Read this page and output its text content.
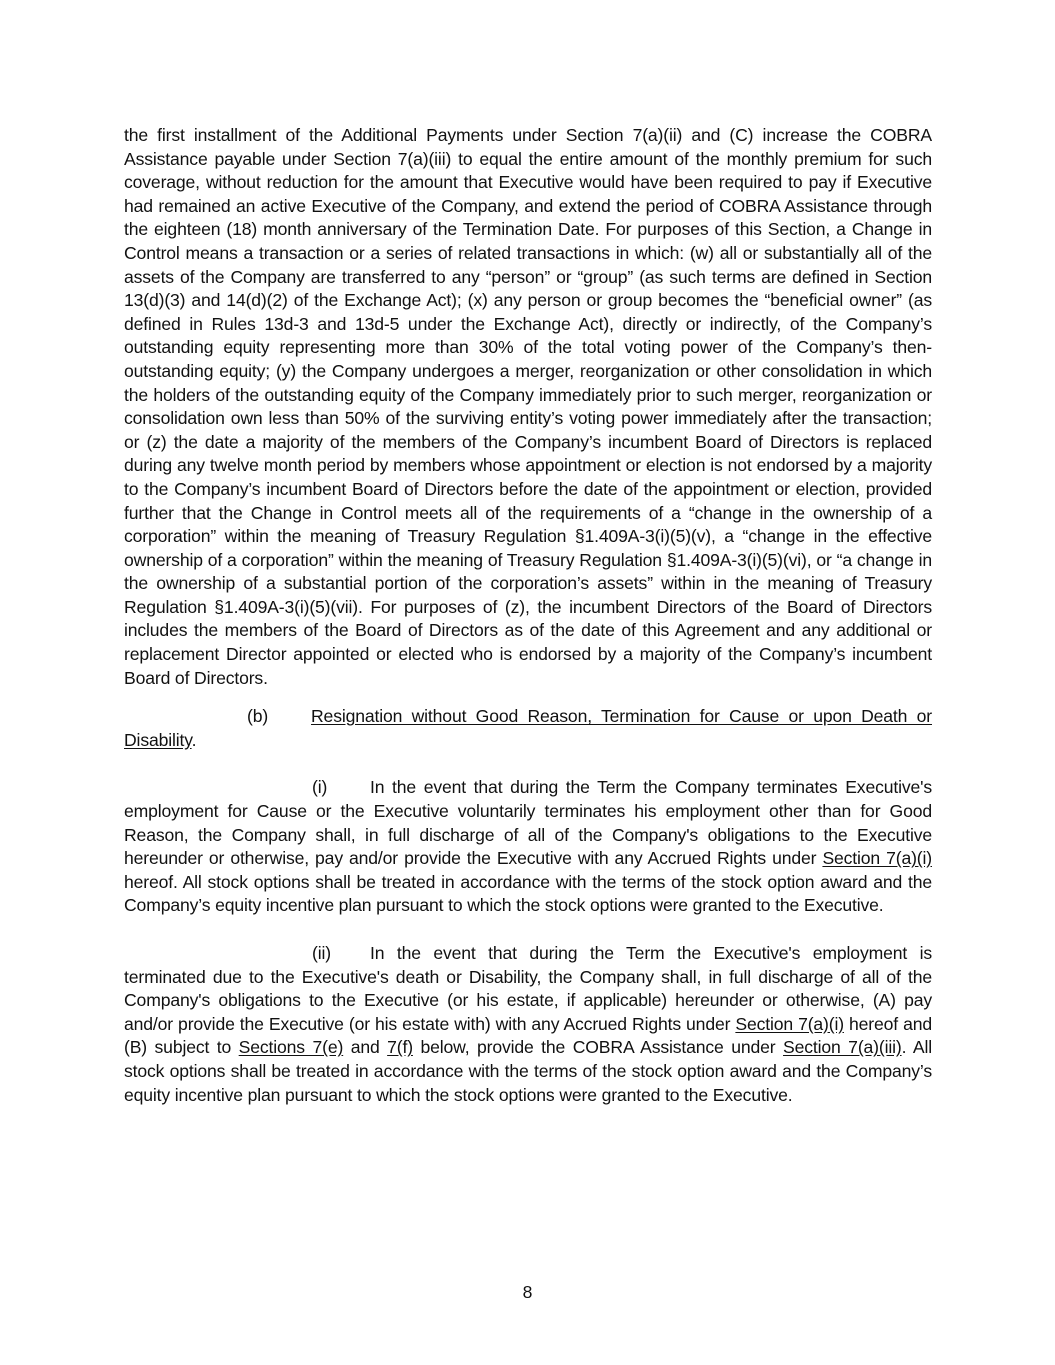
the first installment of the Additional Payments under Section 7(a)(ii) and (C) increase the COBRA Assistance payable under Section 7(a)(iii) to equal the entire amount of the monthly premium for such coverage, without reduction for the amount that Executive would have been required to pay if Executive had remained an active Executive of the Company, and extend the period of COBRA Assistance through the eighteen (18) month anniversary of the Termination Date. For purposes of this Section, a Change in Control means a transaction or a series of related transactions in which: (w) all or substantially all of the assets of the Company are transferred to any “person” or “group” (as such terms are defined in Section 13(d)(3) and 14(d)(2) of the Exchange Act); (x) any person or group becomes the “beneficial owner” (as defined in Rules 13d-3 and 13d-5 under the Exchange Act), directly or indirectly, of the Company’s outstanding equity representing more than 30% of the total voting power of the Company’s then-outstanding equity; (y) the Company undergoes a merger, reorganization or other consolidation in which the holders of the outstanding equity of the Company immediately prior to such merger, reorganization or consolidation own less than 50% of the surviving entity’s voting power immediately after the transaction; or (z) the date a majority of the members of the Company’s incumbent Board of Directors is replaced during any twelve month period by members whose appointment or election is not endorsed by a majority to the Company’s incumbent Board of Directors before the date of the appointment or election, provided further that the Change in Control meets all of the requirements of a “change in the ownership of a corporation” within the meaning of Treasury Regulation §1.409A-3(i)(5)(v), a “change in the effective ownership of a corporation” within the meaning of Treasury Regulation §1.409A-3(i)(5)(vi), or “a change in the ownership of a substantial portion of the corporation’s assets” within in the meaning of Treasury Regulation §1.409A-3(i)(5)(vii). For purposes of (z), the incumbent Directors of the Board of Directors includes the members of the Board of Directors as of the date of this Agreement and any additional or replacement Director appointed or elected who is endorsed by a majority of the Company’s incumbent Board of Directors.

(b)	Resignation without Good Reason, Termination for Cause or upon Death or

Disability.

(i) In the event that during the Term the Company terminates Executive's employment for Cause or the Executive voluntarily terminates his employment other than for Good Reason, the Company shall, in full discharge of all of the Company's obligations to the Executive hereunder or otherwise, pay and/or provide the Executive with any Accrued Rights under Section 7(a)(i) hereof. All stock options shall be treated in accordance with the terms of the stock option award and the Company’s equity incentive plan pursuant to which the stock options were granted to the Executive.

(ii) In the event that during the Term the Executive's employment is terminated due to the Executive's death or Disability, the Company shall, in full discharge of all of the Company's obligations to the Executive (or his estate, if applicable) hereunder or otherwise, (A) pay and/or provide the Executive (or his estate with) with any Accrued Rights under Section 7(a)(i) hereof and (B) subject to Sections 7(e) and 7(f) below, provide the COBRA Assistance under Section 7(a)(iii). All stock options shall be treated in accordance with the terms of the stock option award and the Company’s equity incentive plan pursuant to which the stock options were granted to the Executive.

8
